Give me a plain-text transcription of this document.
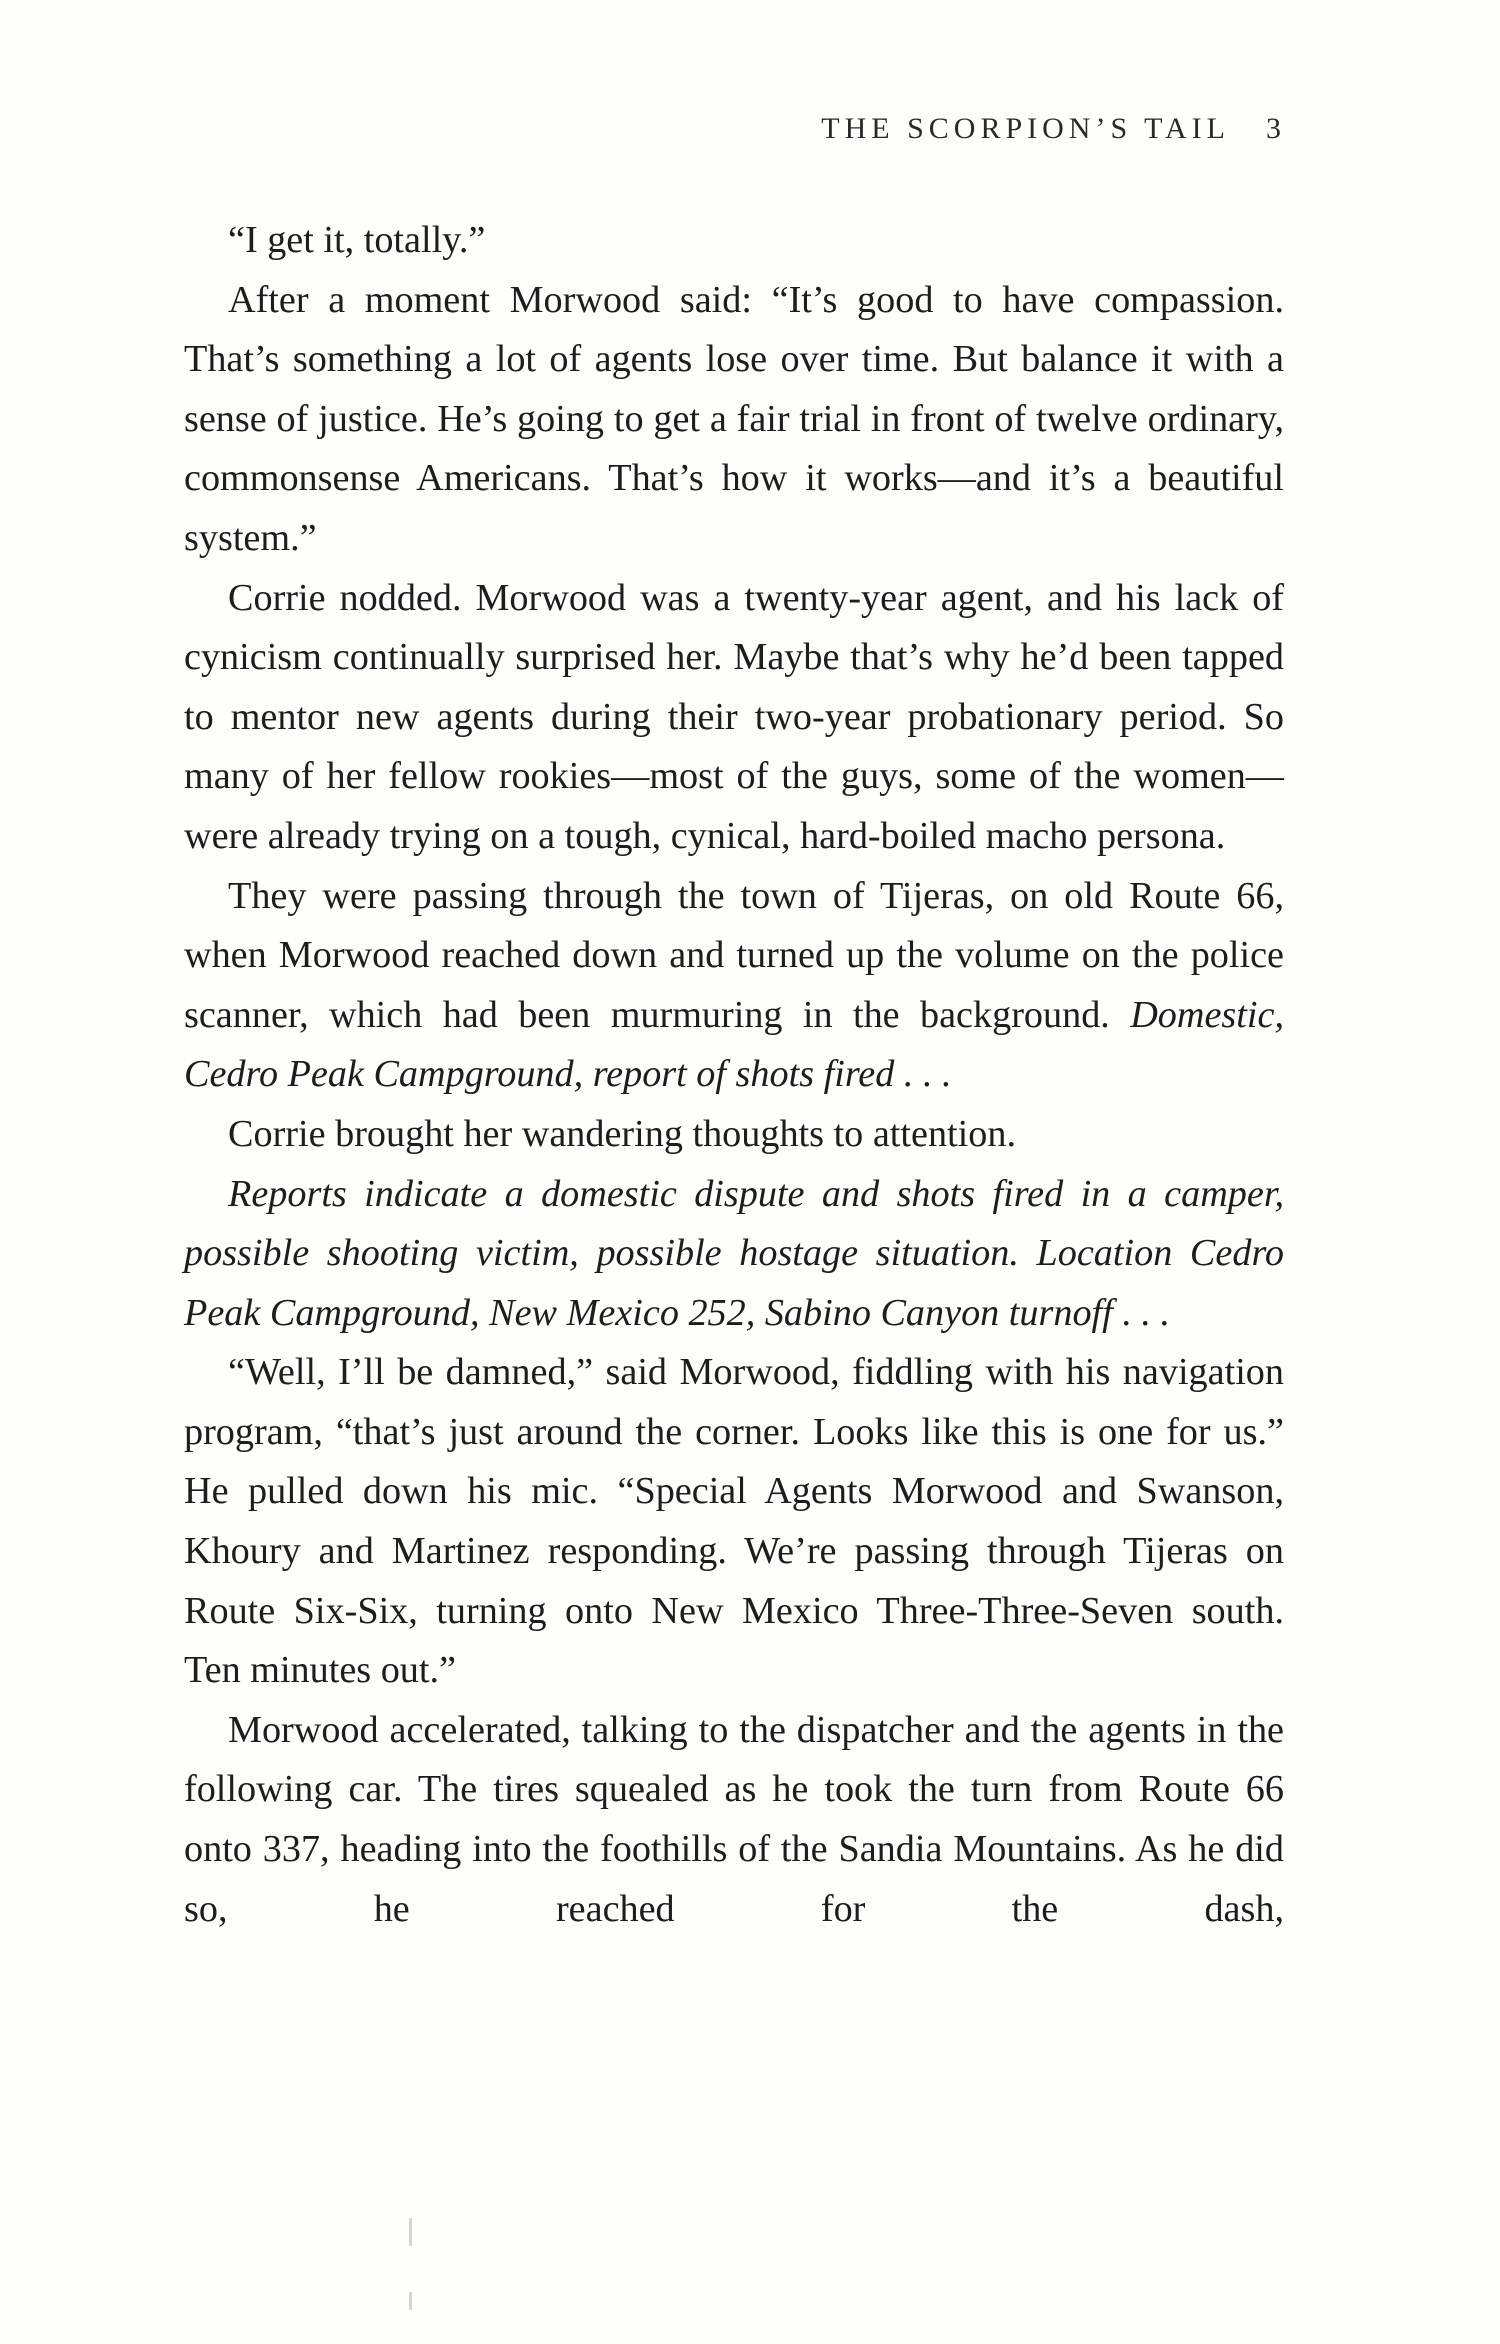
THE SCORPION’S TAIL 3

“I get it, totally.”

After a moment Morwood said: “It’s good to have compassion. That’s something a lot of agents lose over time. But balance it with a sense of justice. He’s going to get a fair trial in front of twelve ordinary, commonsense Americans. That’s how it works—and it’s a beautiful system.”

Corrie nodded. Morwood was a twenty-year agent, and his lack of cynicism continually surprised her. Maybe that’s why he’d been tapped to mentor new agents during their two-year probationary period. So many of her fellow rookies—most of the guys, some of the women—were already trying on a tough, cynical, hard-boiled macho persona.

They were passing through the town of Tijeras, on old Route 66, when Morwood reached down and turned up the volume on the police scanner, which had been murmuring in the background. Domestic, Cedro Peak Campground, report of shots fired . . .

Corrie brought her wandering thoughts to attention.

Reports indicate a domestic dispute and shots fired in a camper, possible shooting victim, possible hostage situation. Location Cedro Peak Campground, New Mexico 252, Sabino Canyon turnoff . . .

“Well, I’ll be damned,” said Morwood, fiddling with his navigation program, “that’s just around the corner. Looks like this is one for us.” He pulled down his mic. “Special Agents Morwood and Swanson, Khoury and Martinez responding. We’re passing through Tijeras on Route Six-Six, turning onto New Mexico Three-Three-Seven south. Ten minutes out.”

Morwood accelerated, talking to the dispatcher and the agents in the following car. The tires squealed as he took the turn from Route 66 onto 337, heading into the foothills of the Sandia Mountains. As he did so, he reached for the dash,
